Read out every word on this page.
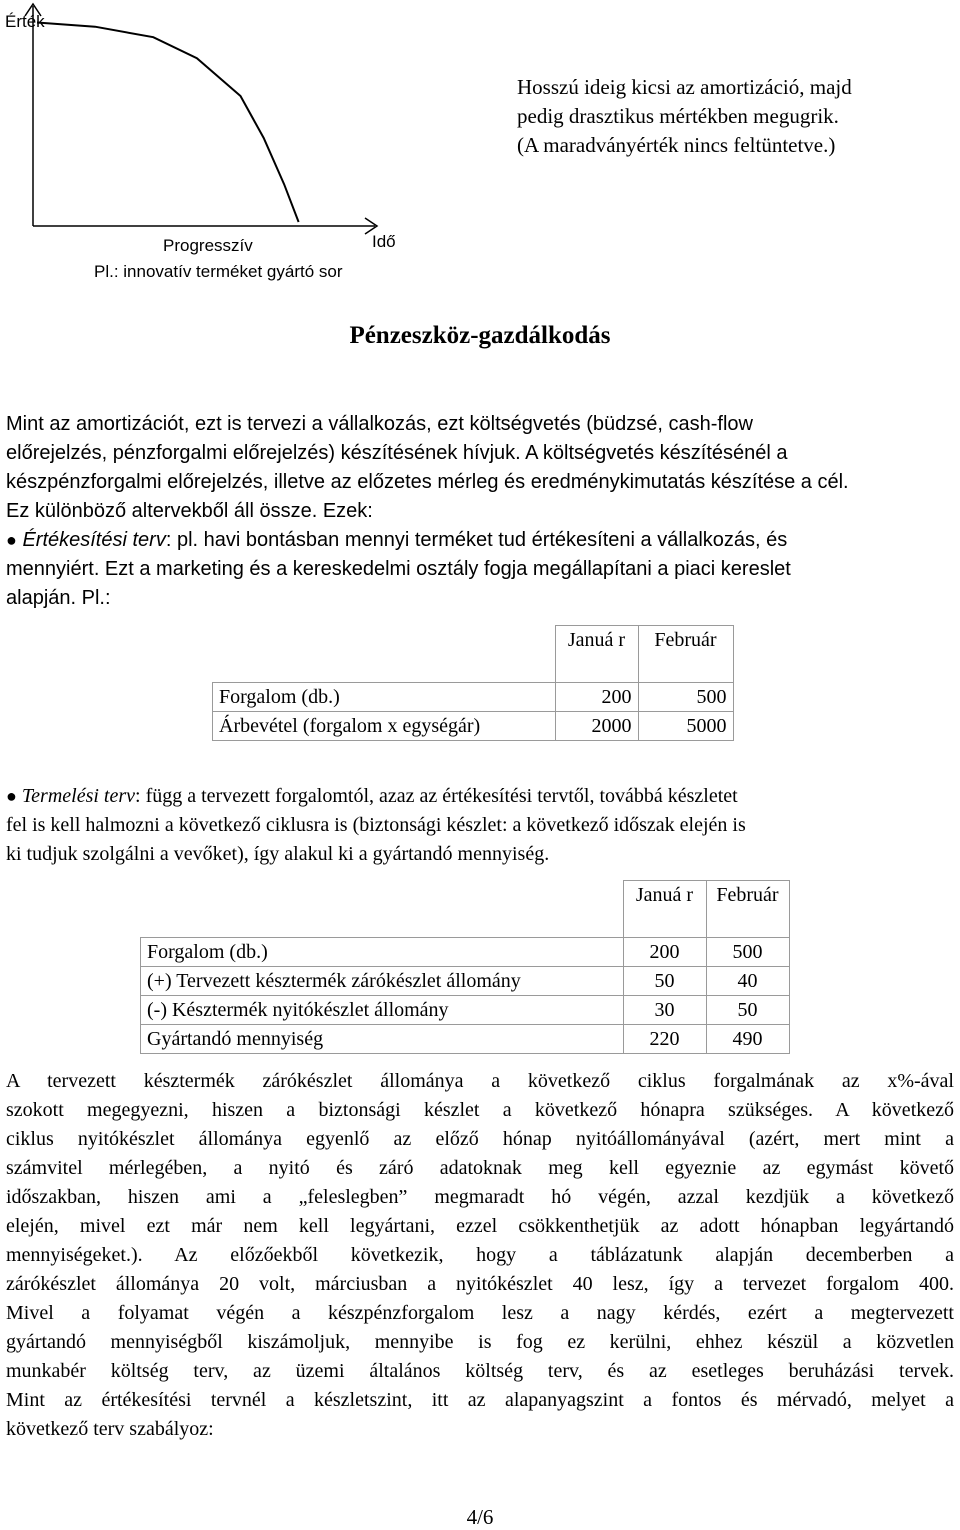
Érték
Idő
Progresszív
Pl.: innovatív terméket gyártó sor
Hosszú ideig kicsi az amortizáció, majd
pedig drasztikus mértékben megugrik.
(A maradványérték nincs feltüntetve.)
Pénzeszköz-gazdálkodás
Mint az amortizációt, ezt is tervezi a vállalkozás, ezt költségvetés (büdzsé, cash-flow
előrejelzés, pénzforgalmi előrejelzés) készítésének hívjuk. A költségvetés készítésénél a
készpénzforgalmi előrejelzés, illetve az előzetes mérleg és eredménykimutatás készítése a cél.
Ez különböző altervekből áll össze. Ezek:
● Értékesítési terv: pl. havi bontásban mennyi terméket tud értékesíteni a vállalkozás, és
mennyiért. Ezt a marketing és a kereskedelmi osztály fogja megállapítani a piaci kereslet
alapján. Pl.:
	Januá r	Február
Forgalom (db.)	200	500
Árbevétel (forgalom x egységár)	2000	5000
● Termelési terv: függ a tervezett forgalomtól, azaz az értékesítési tervtől, továbbá készletet
fel is kell halmozni a következő ciklusra is (biztonsági készlet: a következő időszak elején is
ki tudjuk szolgálni a vevőket), így alakul ki a gyártandó mennyiség.
	Januá r	Február
Forgalom (db.)	200	500
(+) Tervezett késztermék zárókészlet állomány	50	40
(-) Késztermék nyitókészlet állomány	30	50
Gyártandó mennyiség	220	490
A tervezett késztermék zárókészlet állománya a következő ciklus forgalmának az x%-ával
szokott megegyezni, hiszen a biztonsági készlet a következő hónapra szükséges. A következő
ciklus nyitókészlet állománya egyenlő az előző hónap nyitóállományával (azért, mert mint a
számvitel mérlegében, a nyitó és záró adatoknak meg kell egyeznie az egymást követő
időszakban, hiszen ami a „feleslegben” megmaradt hó végén, azzal kezdjük a következő
elején, mivel ezt már nem kell legyártani, ezzel csökkenthetjük az adott hónapban legyártandó
mennyiségeket.). Az előzőekből következik, hogy a táblázatunk alapján decemberben a
zárókészlet állománya 20 volt, márciusban a nyitókészlet 40 lesz, így a tervezet forgalom 400.
Mivel a folyamat végén a készpénzforgalom lesz a nagy kérdés, ezért a megtervezett
gyártandó mennyiségből kiszámoljuk, mennyibe is fog ez kerülni, ehhez készül a közvetlen
munkabér költség terv, az üzemi általános költség terv, és az esetleges beruházási tervek.
Mint az értékesítési tervnél a készletszint, itt az alapanyagszint a fontos és mérvadó, melyet a
következő terv szabályoz:
4/6
